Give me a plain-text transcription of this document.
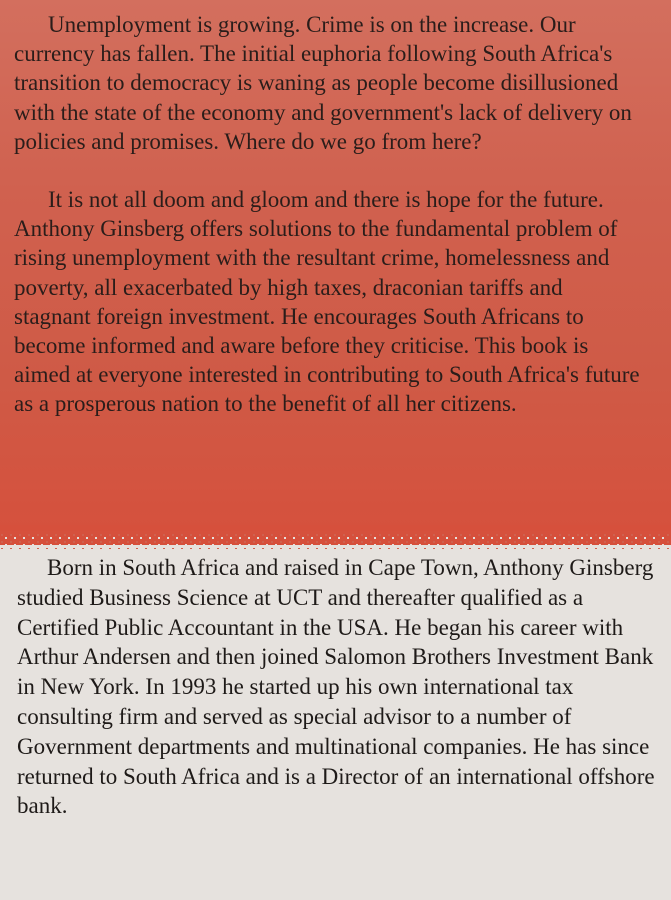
Unemployment is growing. Crime is on the increase. Our currency has fallen. The initial euphoria following South Africa's transition to democracy is waning as people become disillusioned with the state of the economy and government's lack of delivery on policies and promises. Where do we go from here?

It is not all doom and gloom and there is hope for the future. Anthony Ginsberg offers solutions to the fundamental problem of rising unemployment with the resultant crime, homelessness and poverty, all exacerbated by high taxes, draconian tariffs and stagnant foreign investment. He encourages South Africans to become informed and aware before they criticise. This book is aimed at everyone interested in contributing to South Africa's future as a prosperous nation to the benefit of all her citizens.

Born in South Africa and raised in Cape Town, Anthony Ginsberg studied Business Science at UCT and thereafter qualified as a Certified Public Accountant in the USA. He began his career with Arthur Andersen and then joined Salomon Brothers Investment Bank in New York. In 1993 he started up his own international tax consulting firm and served as special advisor to a number of Government departments and multinational companies. He has since returned to South Africa and is a Director of an international offshore bank.
